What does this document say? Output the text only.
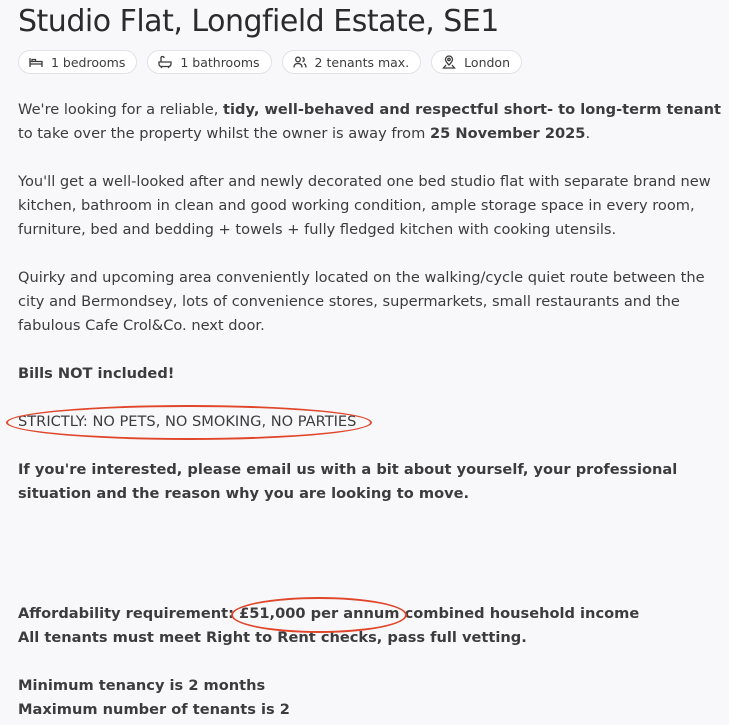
Studio Flat, Longfield Estate, SE1
1 bedrooms	1 bathrooms	2 tenants max.	London

We're looking for a reliable, tidy, well-behaved and respectful short- to long-term tenant to take over the property whilst the owner is away from 25 November 2025.

You'll get a well-looked after and newly decorated one bed studio flat with separate brand new kitchen, bathroom in clean and good working condition, ample storage space in every room, furniture, bed and bedding + towels + fully fledged kitchen with cooking utensils.

Quirky and upcoming area conveniently located on the walking/cycle quiet route between the city and Bermondsey, lots of convenience stores, supermarkets, small restaurants and the fabulous Cafe Crol&Co. next door.

Bills NOT included!

STRICTLY: NO PETS, NO SMOKING, NO PARTIES

If you're interested, please email us with a bit about yourself, your professional situation and the reason why you are looking to move.

Affordability requirement: £51,000 per annum
combined household income

All tenants must meet Right to Rent checks, pass full vetting.

Minimum tenancy is 2 months

Maximum number of tenants is 2
